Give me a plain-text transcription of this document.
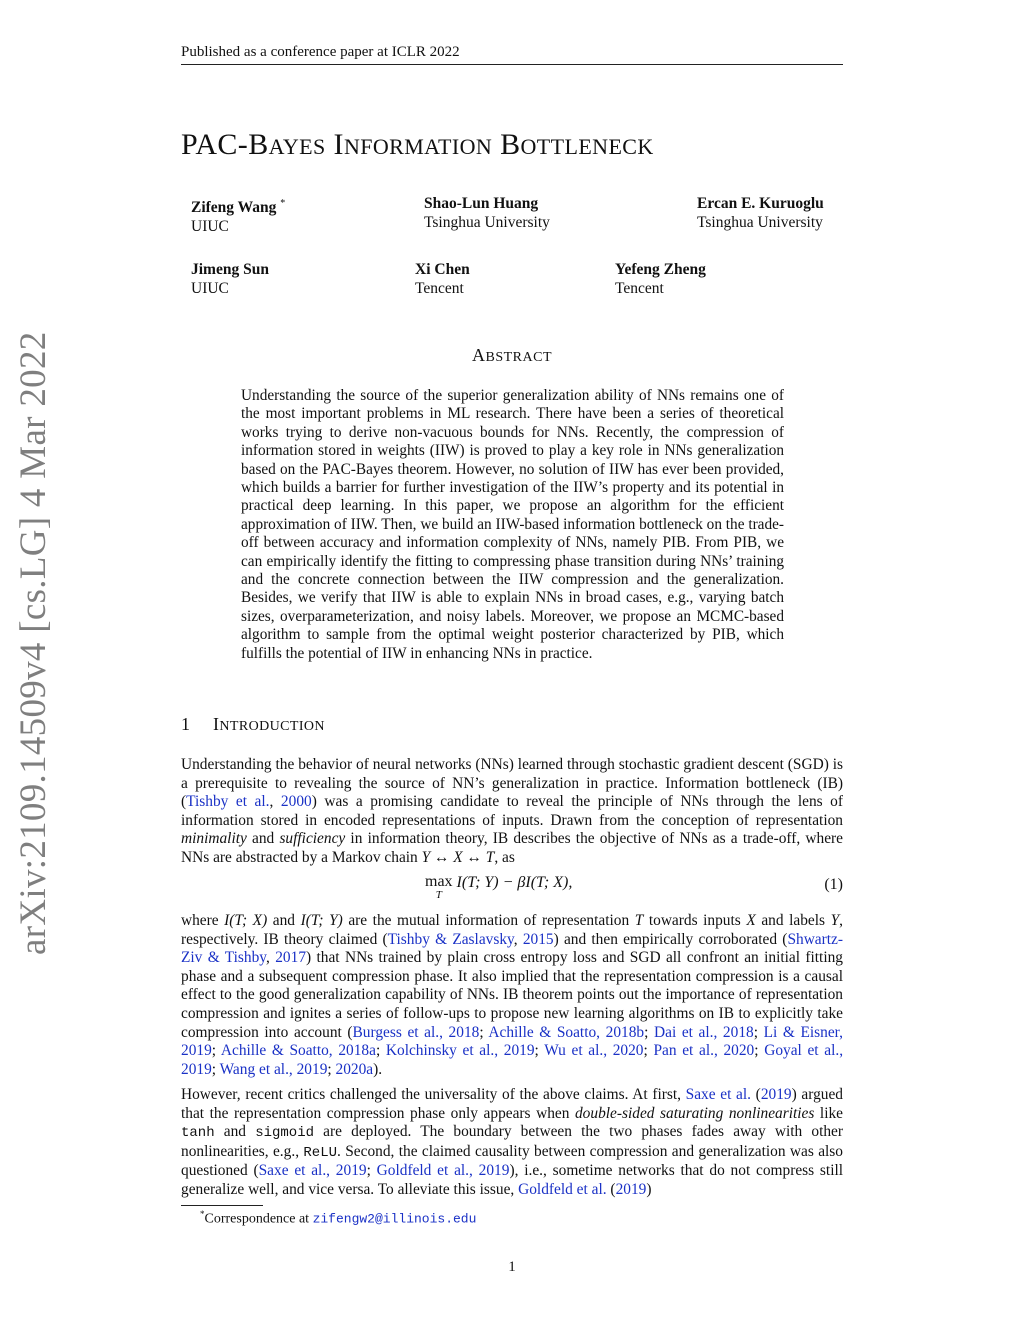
Published as a conference paper at ICLR 2022
arXiv:2109.14509v4 [cs.LG] 4 Mar 2022
PAC-BAYES INFORMATION BOTTLENECK
Zifeng Wang *
UIUC
Shao-Lun Huang
Tsinghua University
Ercan E. Kuruoglu
Tsinghua University
Jimeng Sun
UIUC
Xi Chen
Tencent
Yefeng Zheng
Tencent
ABSTRACT
Understanding the source of the superior generalization ability of NNs remains one of the most important problems in ML research. There have been a series of theoretical works trying to derive non-vacuous bounds for NNs. Recently, the compression of information stored in weights (IIW) is proved to play a key role in NNs generalization based on the PAC-Bayes theorem. However, no solution of IIW has ever been provided, which builds a barrier for further investigation of the IIW’s property and its potential in practical deep learning. In this paper, we propose an algorithm for the efficient approximation of IIW. Then, we build an IIW-based information bottleneck on the trade-off between accuracy and information complexity of NNs, namely PIB. From PIB, we can empirically identify the fitting to compressing phase transition during NNs’ training and the concrete connection between the IIW compression and the generalization. Besides, we verify that IIW is able to explain NNs in broad cases, e.g., varying batch sizes, overparameterization, and noisy labels. Moreover, we propose an MCMC-based algorithm to sample from the optimal weight posterior characterized by PIB, which fulfills the potential of IIW in enhancing NNs in practice.
1 INTRODUCTION
Understanding the behavior of neural networks (NNs) learned through stochastic gradient descent (SGD) is a prerequisite to revealing the source of NN’s generalization in practice. Information bottleneck (IB) (Tishby et al., 2000) was a promising candidate to reveal the principle of NNs through the lens of information stored in encoded representations of inputs. Drawn from the conception of representation minimality and sufficiency in information theory, IB describes the objective of NNs as a trade-off, where NNs are abstracted by a Markov chain Y ↔ X ↔ T, as
max
T
I(T; Y) − βI(T; X),	(1)
where I(T; X) and I(T; Y) are the mutual information of representation T towards inputs X and labels Y, respectively. IB theory claimed (Tishby & Zaslavsky, 2015) and then empirically corroborated (Shwartz-Ziv & Tishby, 2017) that NNs trained by plain cross entropy loss and SGD all confront an initial fitting phase and a subsequent compression phase. It also implied that the representation compression is a causal effect to the good generalization capability of NNs. IB theorem points out the importance of representation compression and ignites a series of follow-ups to propose new learning algorithms on IB to explicitly take compression into account (Burgess et al., 2018; Achille & Soatto, 2018b; Dai et al., 2018; Li & Eisner, 2019; Achille & Soatto, 2018a; Kolchinsky et al., 2019; Wu et al., 2020; Pan et al., 2020; Goyal et al., 2019; Wang et al., 2019; 2020a).
However, recent critics challenged the universality of the above claims. At first, Saxe et al. (2019) argued that the representation compression phase only appears when double-sided saturating nonlinearities like tanh and sigmoid are deployed. The boundary between the two phases fades away with other nonlinearities, e.g., ReLU. Second, the claimed causality between compression and generalization was also questioned (Saxe et al., 2019; Goldfeld et al., 2019), i.e., sometime networks that do not compress still generalize well, and vice versa. To alleviate this issue, Goldfeld et al. (2019)
*Correspondence at zifengw2@illinois.edu
1
